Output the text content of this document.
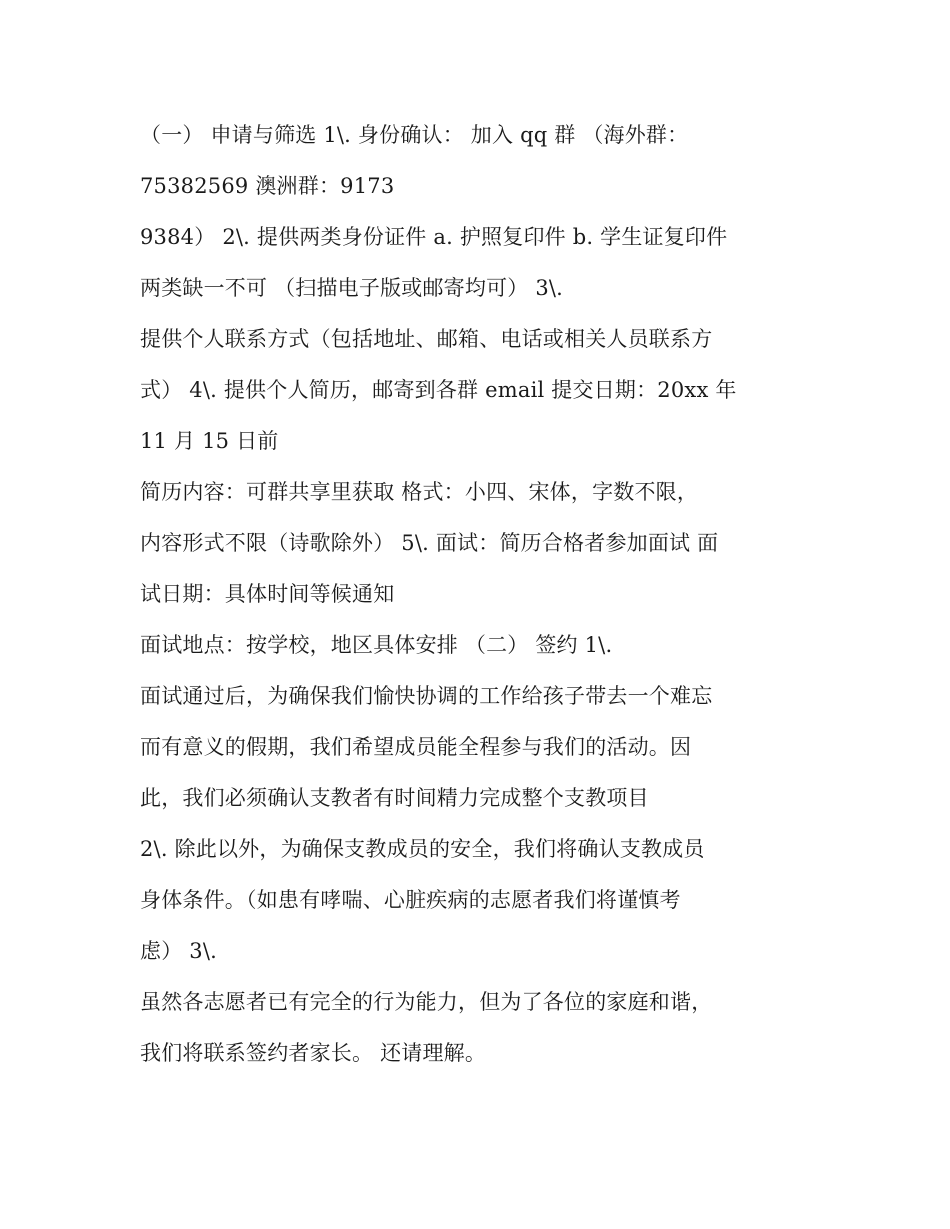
（一） 申请与筛选 1\. 身份确认： 加入 qq 群 （海外群：
75382569 澳洲群：9173
9384） 2\. 提供两类身份证件 a. 护照复印件 b. 学生证复印件
两类缺一不可 （扫描电子版或邮寄均可） 3\.
提供个人联系方式（包括地址、邮箱、电话或相关人员联系方
式） 4\. 提供个人简历，邮寄到各群 email 提交日期：20xx 年
11 月 15 日前
简历内容：可群共享里获取 格式：小四、宋体，字数不限，
内容形式不限（诗歌除外） 5\. 面试：简历合格者参加面试 面
试日期：具体时间等候通知
面试地点：按学校，地区具体安排 （二） 签约 1\.
面试通过后，为确保我们愉快协调的工作给孩子带去一个难忘
而有意义的假期，我们希望成员能全程参与我们的活动。因
此，我们必须确认支教者有时间精力完成整个支教项目
2\. 除此以外，为确保支教成员的安全，我们将确认支教成员
身体条件。（如患有哮喘、心脏疾病的志愿者我们将谨慎考
虑） 3\.
虽然各志愿者已有完全的行为能力，但为了各位的家庭和谐，
我们将联系签约者家长。 还请理解。
